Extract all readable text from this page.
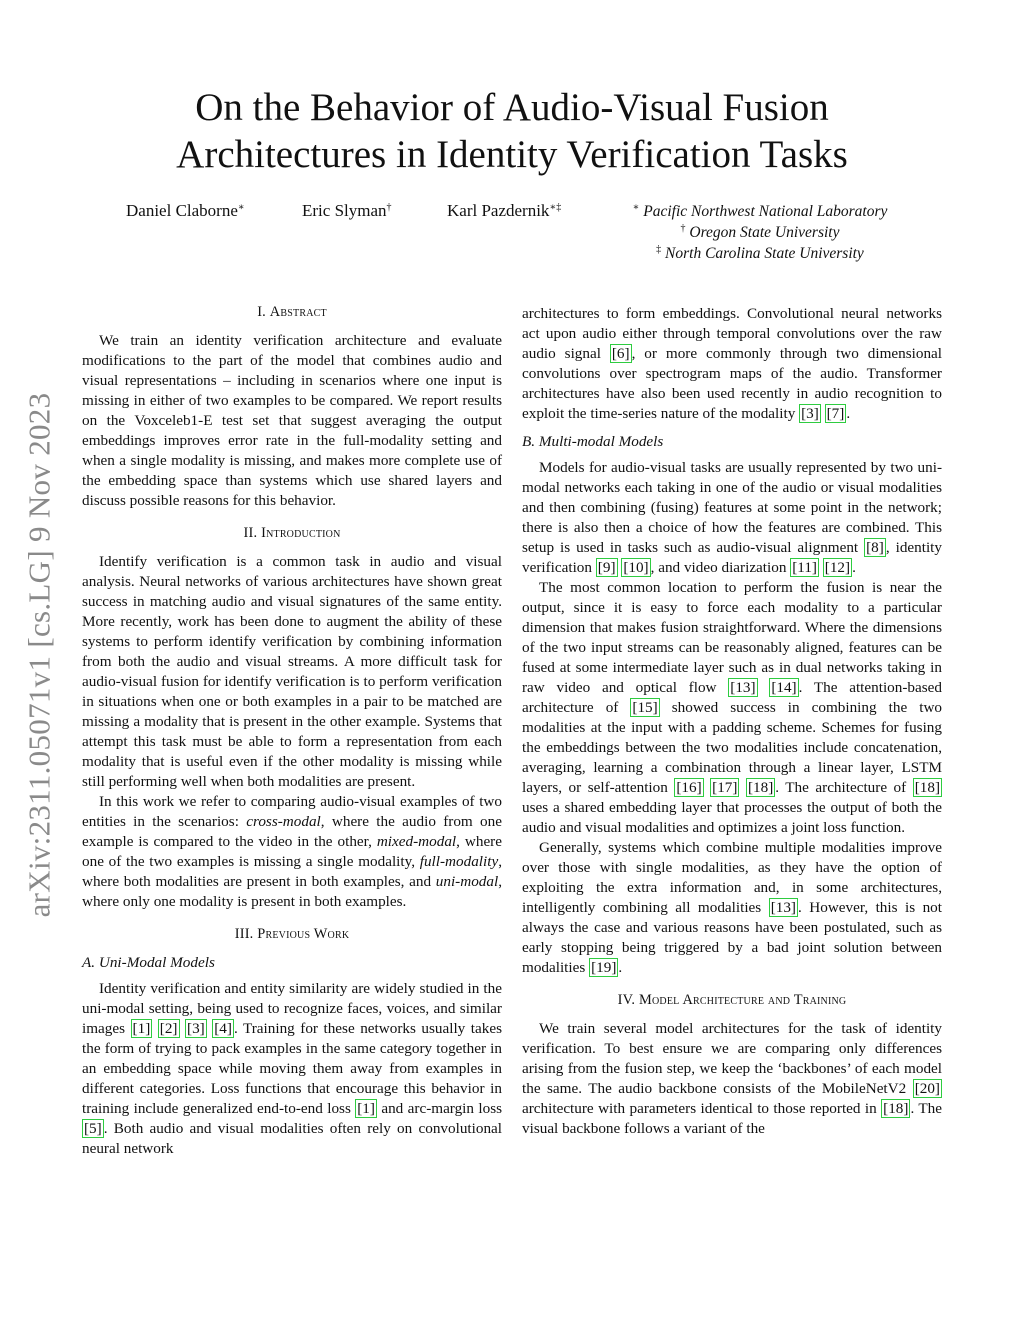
arXiv:2311.05071v1 [cs.LG] 9 Nov 2023
On the Behavior of Audio-Visual Fusion
Architectures in Identity Verification Tasks
Daniel Claborne∗	Eric Slyman†	Karl Pazdernik∗‡	∗ Pacific Northwest National Laboratory
† Oregon State University
‡ North Carolina State University
I. Abstract

We train an identity verification architecture and evaluate modifications to the part of the model that combines audio and visual representations – including in scenarios where one input is missing in either of two examples to be compared. We report results on the Voxceleb1-E test set that suggest averaging the output embeddings improves error rate in the full-modality setting and when a single modality is missing, and makes more complete use of the embedding space than systems which use shared layers and discuss possible reasons for this behavior.

II. Introduction

Identify verification is a common task in audio and visual analysis. Neural networks of various architectures have shown great success in matching audio and visual signatures of the same entity. More recently, work has been done to augment the ability of these systems to perform identify verification by combining information from both the audio and visual streams. A more difficult task for audio-visual fusion for identify verification is to perform verification in situations when one or both examples in a pair to be matched are missing a modality that is present in the other example. Systems that attempt this task must be able to form a representation from each modality that is useful even if the other modality is missing while still performing well when both modalities are present.

In this work we refer to comparing audio-visual examples of two entities in the scenarios: cross-modal, where the audio from one example is compared to the video in the other, mixed-modal, where one of the two examples is missing a single modality, full-modality, where both modalities are present in both examples, and uni-modal, where only one modality is present in both examples.

III. Previous Work
A. Uni-Modal Models

Identity verification and entity similarity are widely studied in the uni-modal setting, being used to recognize faces, voices, and similar images [1] [2] [3] [4] . Training for these networks usually takes the form of trying to pack examples in the same category together in an embedding space while moving them away from examples in different categories. Loss functions that encourage this behavior in training include generalized end-to-end loss [1] and arc-margin loss [5] . Both audio and visual modalities often rely on convolutional neural network

architectures to form embeddings. Convolutional neural networks act upon audio either through temporal convolutions over the raw audio signal [6] , or more commonly through two dimensional convolutions over spectrogram maps of the audio. Transformer architectures have also been used recently in audio recognition to exploit the time-series nature of the modality [3] [7] .

B. Multi-modal Models

Models for audio-visual tasks are usually represented by two uni-modal networks each taking in one of the audio or visual modalities and then combining (fusing) features at some point in the network; there is also then a choice of how the features are combined. This setup is used in tasks such as audio-visual alignment [8] , identity verification [9] [10] , and video diarization [11] [12] .

The most common location to perform the fusion is near the output, since it is easy to force each modality to a particular dimension that makes fusion straightforward. Where the dimensions of the two input streams can be reasonably aligned, features can be fused at some intermediate layer such as in dual networks taking in raw video and optical flow [13] [14] . The attention-based architecture of [15] showed success in combining the two modalities at the input with a padding scheme. Schemes for fusing the embeddings between the two modalities include concatenation, averaging, learning a combination through a linear layer, LSTM layers, or self-attention [16] [17] [18] . The architecture of [18] uses a shared embedding layer that processes the output of both the audio and visual modalities and optimizes a joint loss function.

Generally, systems which combine multiple modalities improve over those with single modalities, as they have the option of exploiting the extra information and, in some architectures, intelligently combining all modalities [13] . However, this is not always the case and various reasons have been postulated, such as early stopping being triggered by a bad joint solution between modalities [19] .

IV. Model Architecture and Training

We train several model architectures for the task of identity verification. To best ensure we are comparing only differences arising from the fusion step, we keep the ‘backbones’ of each model the same. The audio backbone consists of the MobileNetV2 [20] architecture with parameters identical to those reported in [18] . The visual backbone follows a variant of the
